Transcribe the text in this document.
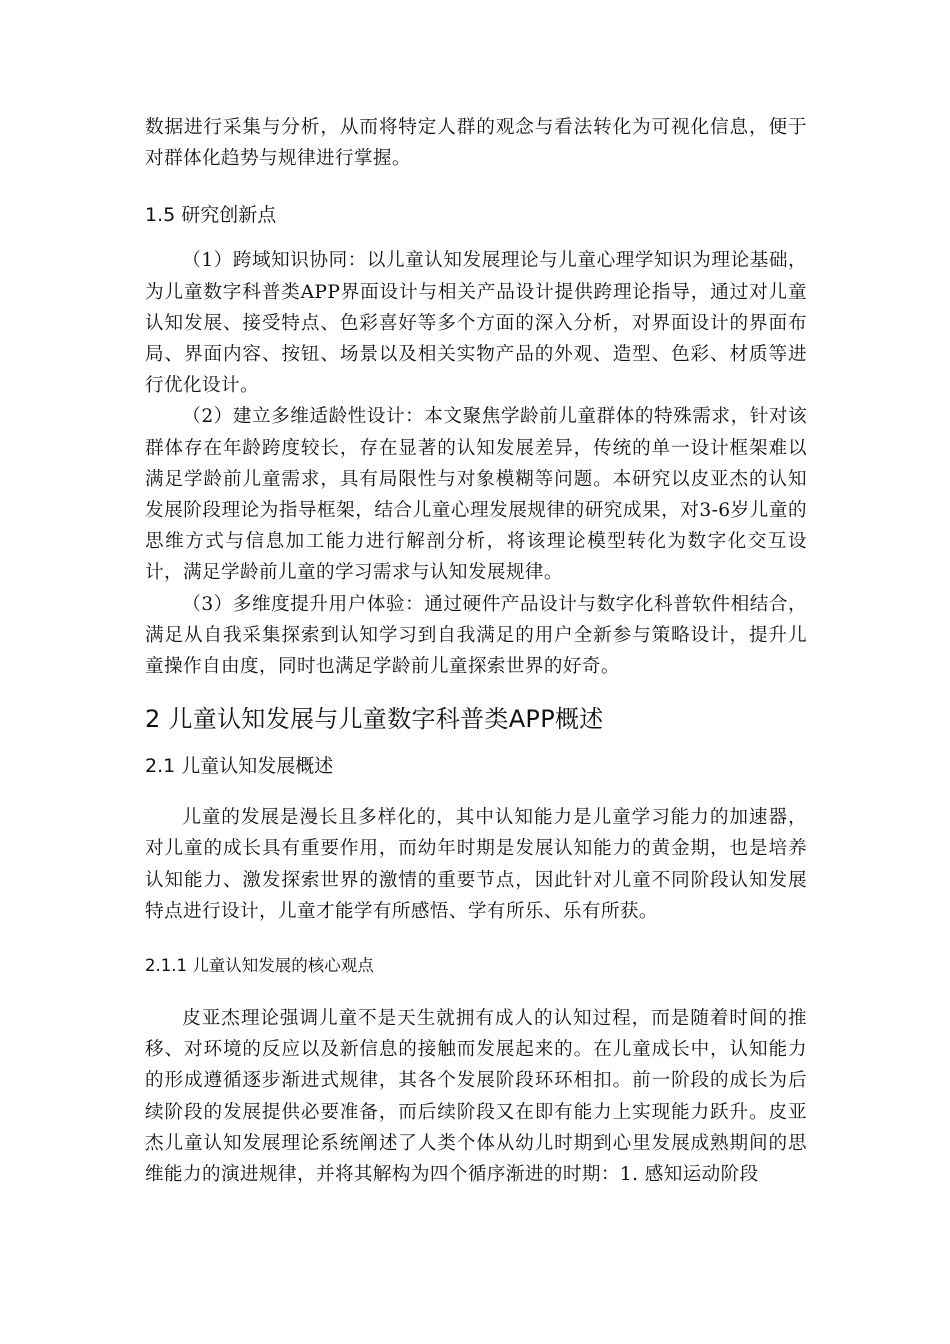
数据进行采集与分析，从而将特定人群的观念与看法转化为可视化信息，便于对群体化趋势与规律进行掌握。

1.5 研究创新点

（1）跨域知识协同：以儿童认知发展理论与儿童心理学知识为理论基础，为儿童数字科普类APP界面设计与相关产品设计提供跨理论指导，通过对儿童认知发展、接受特点、色彩喜好等多个方面的深入分析，对界面设计的界面布局、界面内容、按钮、场景以及相关实物产品的外观、造型、色彩、材质等进行优化设计。

（2）建立多维适龄性设计：本文聚焦学龄前儿童群体的特殊需求，针对该群体存在年龄跨度较长，存在显著的认知发展差异，传统的单一设计框架难以满足学龄前儿童需求，具有局限性与对象模糊等问题。本研究以皮亚杰的认知发展阶段理论为指导框架，结合儿童心理发展规律的研究成果，对3-6岁儿童的思维方式与信息加工能力进行解剖分析，将该理论模型转化为数字化交互设计，满足学龄前儿童的学习需求与认知发展规律。

（3）多维度提升用户体验：通过硬件产品设计与数字化科普软件相结合，满足从自我采集探索到认知学习到自我满足的用户全新参与策略设计，提升儿童操作自由度，同时也满足学龄前儿童探索世界的好奇。

2 儿童认知发展与儿童数字科普类APP概述
2.1 儿童认知发展概述

儿童的发展是漫长且多样化的，其中认知能力是儿童学习能力的加速器，对儿童的成长具有重要作用，而幼年时期是发展认知能力的黄金期，也是培养认知能力、激发探索世界的激情的重要节点，因此针对儿童不同阶段认知发展特点进行设计，儿童才能学有所感悟、学有所乐、乐有所获。

2.1.1 儿童认知发展的核心观点

皮亚杰理论强调儿童不是天生就拥有成人的认知过程，而是随着时间的推移、对环境的反应以及新信息的接触而发展起来的。在儿童成长中，认知能力的形成遵循逐步渐进式规律，其各个发展阶段环环相扣。前一阶段的成长为后续阶段的发展提供必要准备，而后续阶段又在即有能力上实现能力跃升。皮亚杰儿童认知发展理论系统阐述了人类个体从幼儿时期到心里发展成熟期间的思维能力的演进规律，并将其解构为四个循序渐进的时期：1. 感知运动阶段
